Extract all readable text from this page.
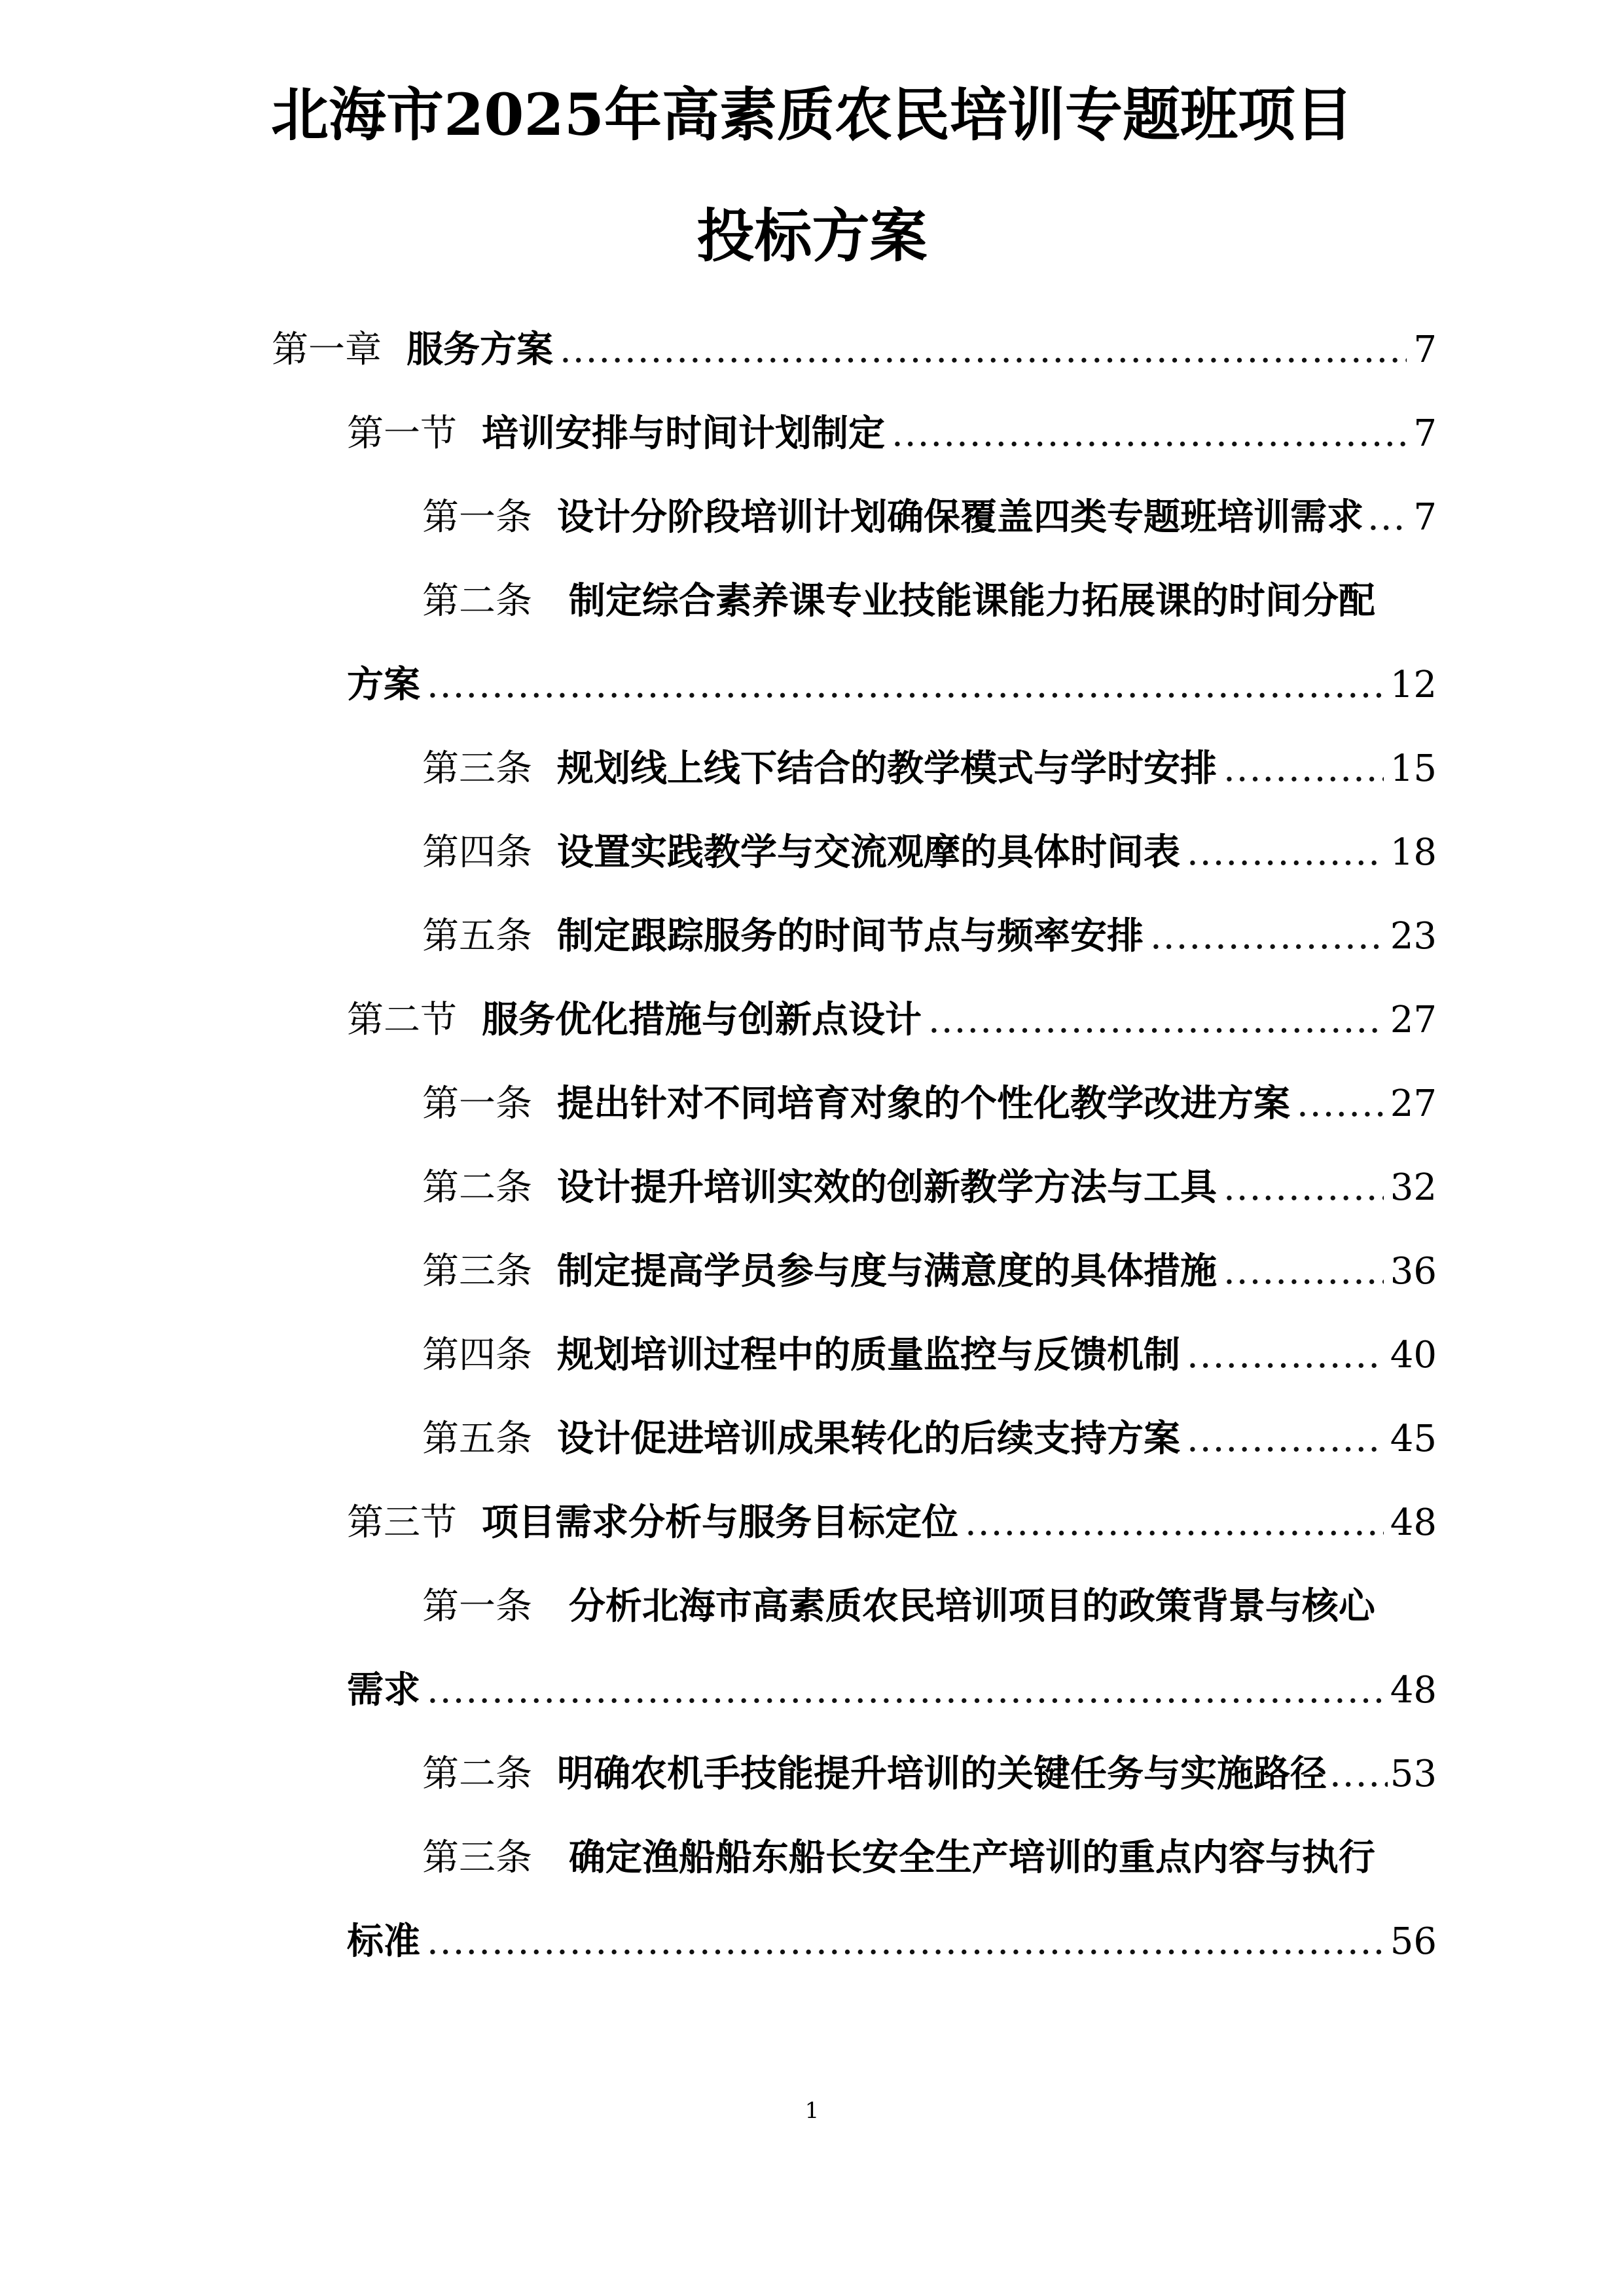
北海市2025年高素质农民培训专题班项目
投标方案
第一章 服务方案 .....	7
第一节 培训安排与时间计划制定 .....	7
第一条 设计分阶段培训计划确保覆盖四类专题班培训需求 ..... 7
第二条 制定综合素养课专业技能课能力拓展课的时间分配
方案 .....	12
第三条 规划线上线下结合的教学模式与学时安排 .....	15
第四条 设置实践教学与交流观摩的具体时间表 .....	18
第五条 制定跟踪服务的时间节点与频率安排 .....	23
第二节 服务优化措施与创新点设计 .....	27
第一条 提出针对不同培育对象的个性化教学改进方案 .....	27
第二条 设计提升培训实效的创新教学方法与工具 .....	32
第三条 制定提高学员参与度与满意度的具体措施 .....	36
第四条 规划培训过程中的质量监控与反馈机制 .....	40
第五条 设计促进培训成果转化的后续支持方案 .....	45
第三节 项目需求分析与服务目标定位 .....	48
第一条 分析北海市高素质农民培训项目的政策背景与核心
需求 .....	48
第二条 明确农机手技能提升培训的关键任务与实施路径 ..... 53
第三条 确定渔船船东船长安全生产培训的重点内容与执行
标准 .....	56
1
